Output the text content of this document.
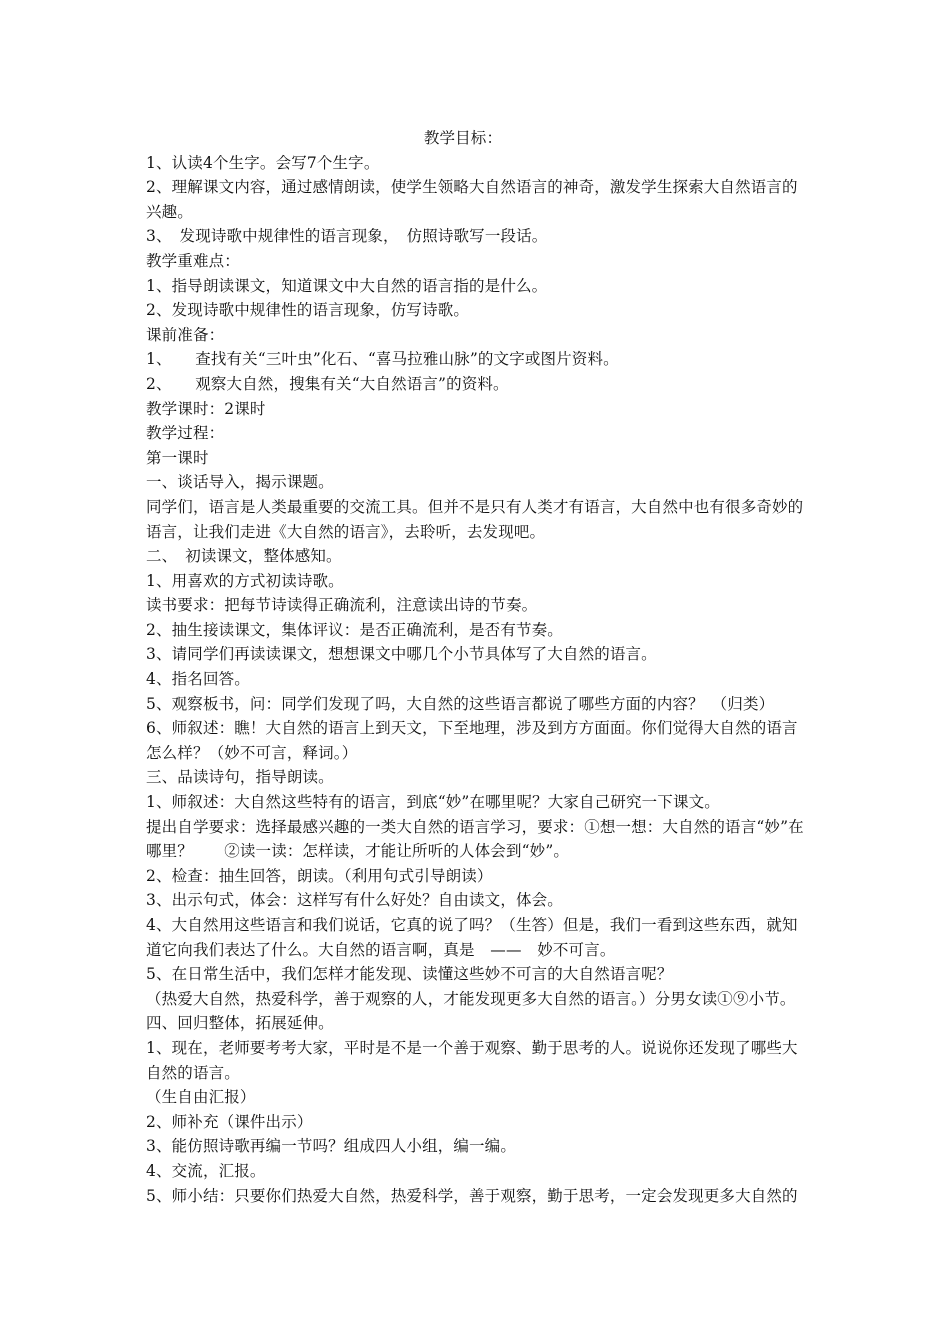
教学目标：

1、认读4个生字。会写7个生字。

2、理解课文内容，通过感情朗读，使学生领略大自然语言的神奇，激发学生探索大自然语言的兴趣。

3、　发现诗歌中规律性的语言现象，　仿照诗歌写一段话。

教学重难点：

1、指导朗读课文，知道课文中大自然的语言指的是什么。

2、发现诗歌中规律性的语言现象，仿写诗歌。

课前准备：

1、　　查找有关“三叶虫”化石、“喜马拉雅山脉”的文字或图片资料。

2、　　观察大自然，搜集有关“大自然语言”的资料。

教学课时：2课时

教学过程：

第一课时

一、谈话导入，揭示课题。

同学们，语言是人类最重要的交流工具。但并不是只有人类才有语言，大自然中也有很多奇妙的语言，让我们走进《大自然的语言》，去聆听，去发现吧。

二、　初读课文，整体感知。

1、用喜欢的方式初读诗歌。

读书要求：把每节诗读得正确流利，注意读出诗的节奏。

2、抽生接读课文，集体评议：是否正确流利，是否有节奏。

3、请同学们再读读课文，想想课文中哪几个小节具体写了大自然的语言。

4、指名回答。

5、观察板书，问：同学们发现了吗，大自然的这些语言都说了哪些方面的内容？　（归类）

6、师叙述：瞧！大自然的语言上到天文，下至地理，涉及到方方面面。你们觉得大自然的语言怎么样？（妙不可言，释词。）

三、品读诗句，指导朗读。

1、师叙述：大自然这些特有的语言，到底“妙”在哪里呢？大家自己研究一下课文。

提出自学要求：选择最感兴趣的一类大自然的语言学习，要求：①想一想：大自然的语言“妙”在哪里？　　②读一读：怎样读，才能让所听的人体会到“妙”。

2、检查：抽生回答，朗读。（利用句式引导朗读）

3、出示句式，体会：这样写有什么好处？自由读文，体会。

4、大自然用这些语言和我们说话，它真的说了吗？（生答）但是，我们一看到这些东西，就知道它向我们表达了什么。大自然的语言啊，真是　——　妙不可言。

5、在日常生活中，我们怎样才能发现、读懂这些妙不可言的大自然语言呢？

（热爱大自然，热爱科学，善于观察的人，才能发现更多大自然的语言。）分男女读①⑨小节。

四、回归整体，拓展延伸。

1、现在，老师要考考大家，平时是不是一个善于观察、勤于思考的人。说说你还发现了哪些大自然的语言。

（生自由汇报）

2、师补充（课件出示）

3、能仿照诗歌再编一节吗？组成四人小组，编一编。

4、交流，汇报。

5、师小结：只要你们热爱大自然，热爱科学，善于观察，勤于思考，一定会发现更多大自然的
